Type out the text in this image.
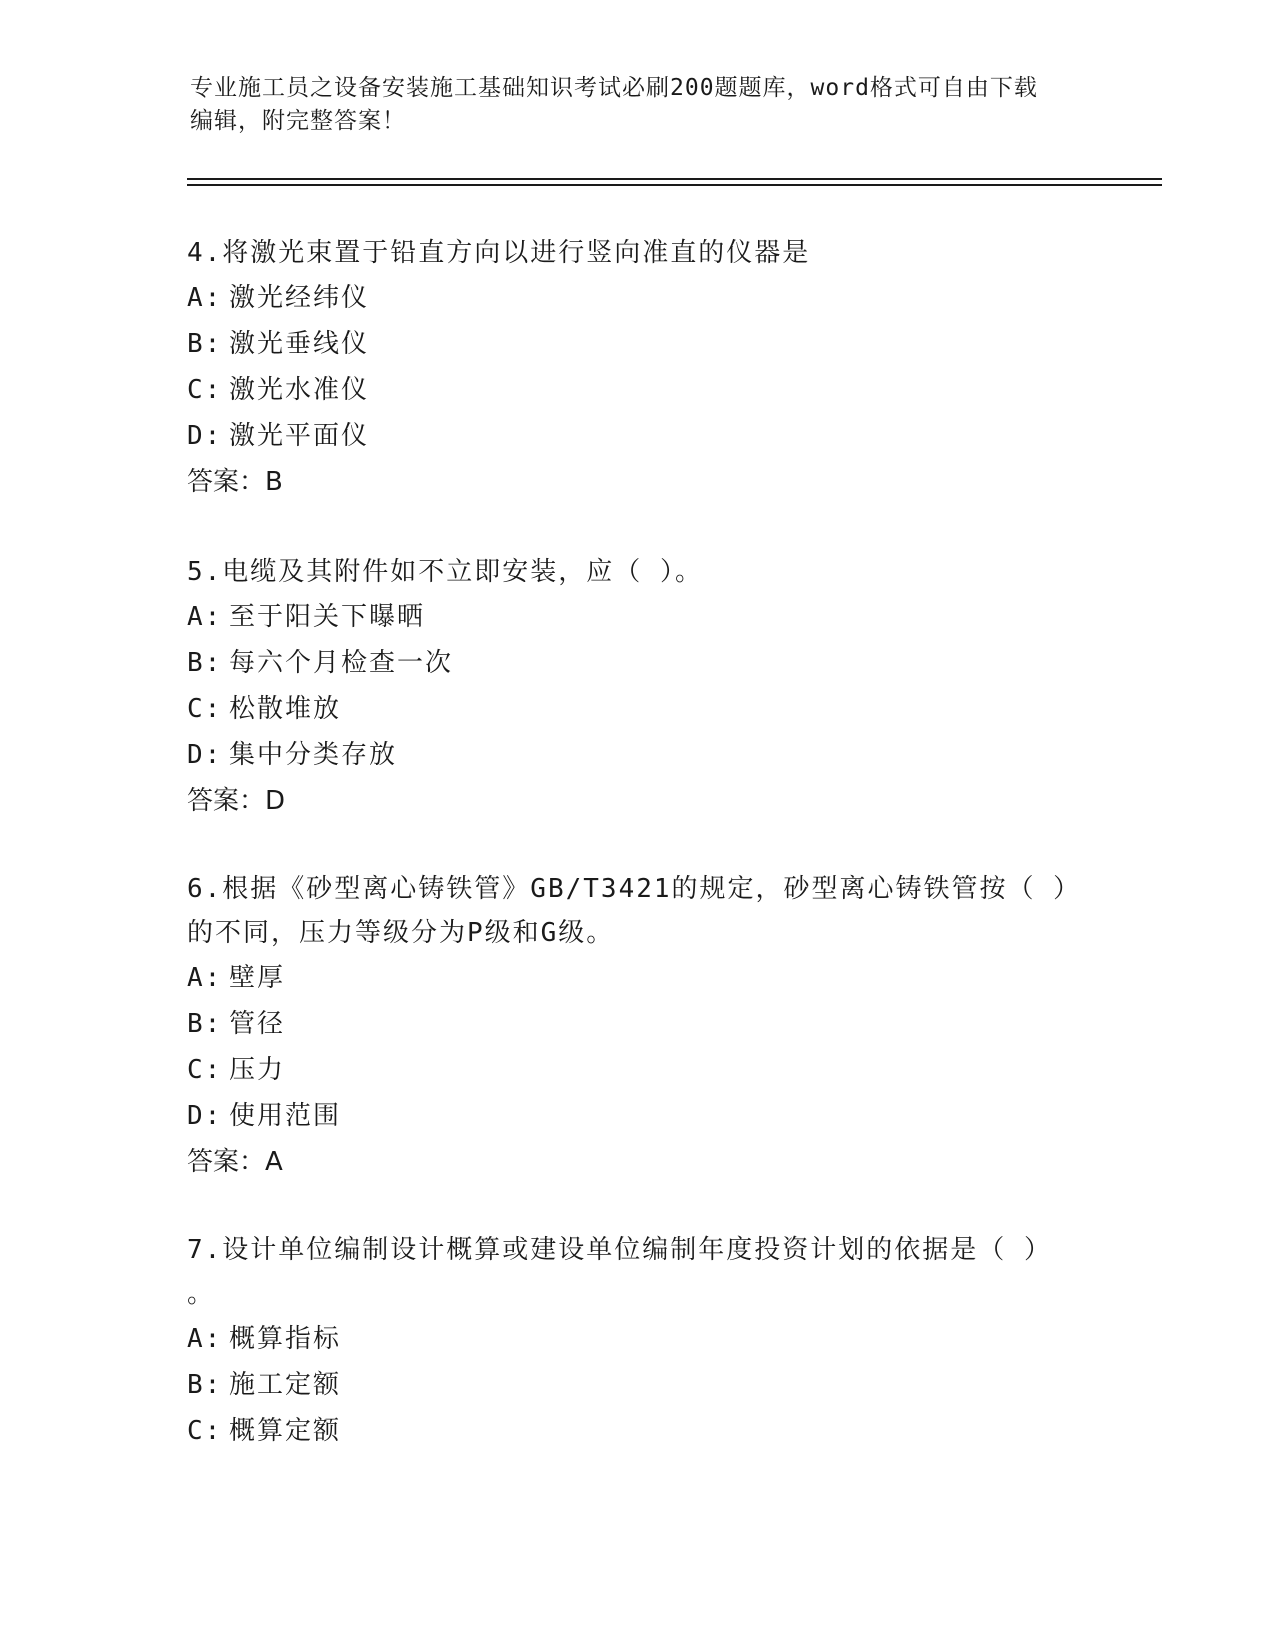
专业施工员之设备安装施工基础知识考试必刷200题题库，word格式可自由下载
编辑，附完整答案！

4.将激光束置于铅直方向以进行竖向准直的仪器是

A: 激光经纬仪
B: 激光垂线仪
C: 激光水准仪
D: 激光平面仪

答案：B

5.电缆及其附件如不立即安装，应（ ）。

A: 至于阳关下曝晒
B: 每六个月检查一次
C: 松散堆放
D: 集中分类存放

答案：D

6.根据《砂型离心铸铁管》GB/T3421的规定，砂型离心铸铁管按（ ）

的不同，压力等级分为P级和G级。

A: 壁厚
B: 管径
C: 压力
D: 使用范围

答案：A

7.设计单位编制设计概算或建设单位编制年度投资计划的依据是（ ）

。

A: 概算指标
B: 施工定额
C: 概算定额
